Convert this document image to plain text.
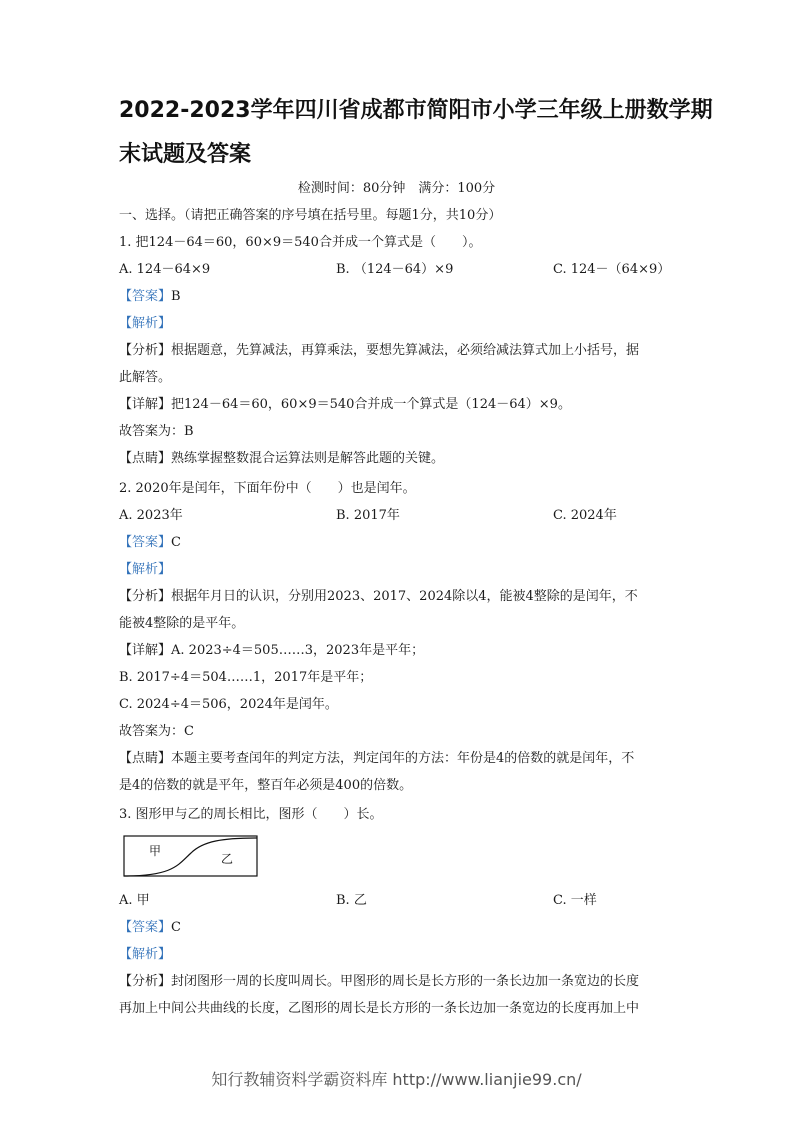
2022-2023学年四川省成都市简阳市小学三年级上册数学期
末试题及答案
检测时间：80分钟　满分：100分
一、选择。（请把正确答案的序号填在括号里。每题1分，共10分）
1. 把124－64＝60，60×9＝540合并成一个算式是（　　）。
A. 124－64×9	B. （124－64）×9	C. 124－（64×9）
【答案】B
【解析】
【分析】根据题意，先算减法，再算乘法，要想先算减法，必须给减法算式加上小括号，据
此解答。
【详解】把124－64＝60，60×9＝540合并成一个算式是（124－64）×9。
故答案为：B
【点睛】熟练掌握整数混合运算法则是解答此题的关键。
2. 2020年是闰年，下面年份中（　　）也是闰年。
A. 2023年	B. 2017年	C. 2024年
【答案】C
【解析】
【分析】根据年月日的认识，分别用2023、2017、2024除以4，能被4整除的是闰年，不
能被4整除的是平年。
【详解】A. 2023÷4＝505……3，2023年是平年；
B. 2017÷4＝504……1，2017年是平年；
C. 2024÷4＝506，2024年是闰年。
故答案为：C
【点睛】本题主要考查闰年的判定方法，判定闰年的方法：年份是4的倍数的就是闰年，不
是4的倍数的就是平年，整百年必须是400的倍数。
3. 图形甲与乙的周长相比，图形（　　）长。
甲
乙
A. 甲	B. 乙	C. 一样
【答案】C
【解析】
【分析】封闭图形一周的长度叫周长。甲图形的周长是长方形的一条长边加一条宽边的长度
再加上中间公共曲线的长度，乙图形的周长是长方形的一条长边加一条宽边的长度再加上中
知行教辅资料学霸资料库 http://www.lianjie99.cn/
